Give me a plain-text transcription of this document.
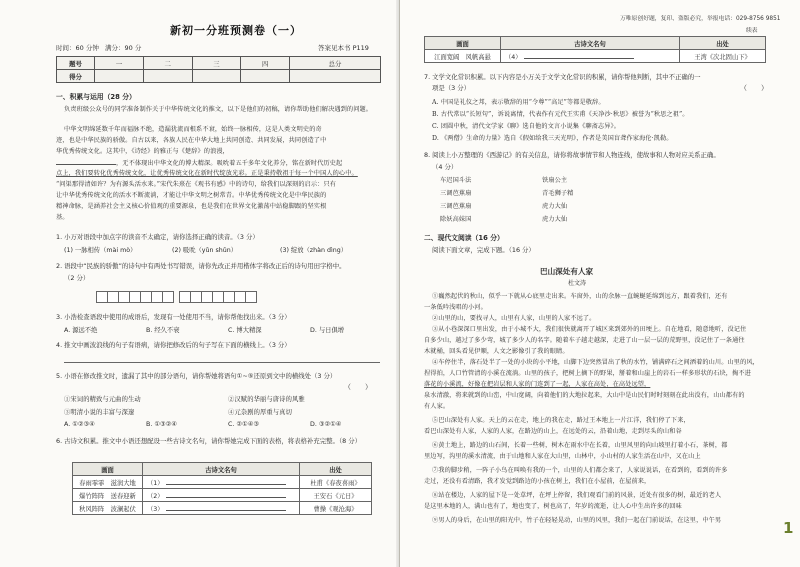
新初一分班预测卷（一）
时间：60 分钟 满分：90 分	答案见本书 P119
题号	一	二	三	四	总分
得分					
一、积累与运用（28 分）
负责班级公众号的同学准备制作关于中华传统文化的推文，以下是他们的初稿，请你帮助他们解决遇到的问题。
中华文明绵延数千年而福脉不绝，造漏犹流而根系不衰，始终一脉相传，这是人类文明史的奇
迹，也是中华民族的骄傲。自古以来，各族人民在中华大地上共同创造、共同发展，共同创造了中
华优秀传统文化。这其中，《诗经》的雅正与《楚辞》的浪漫，
，无不体现出中华文化的博大精深。吸吮着五千多年文化养分，铭在新时代历史起
点上，我们要转化优秀传统文化，让优秀传统文化在新时代绽放光彩。正是秉持敬祖于每一个中国人的心中。
“问渠那得清如许？为有源头活水来。”宋代朱熹在《观书有感》中的诗句，给我们以深刻的启示：只有
让中华优秀传统文化的活水不断流淌，才能让中华文明之树常青。中华优秀传统文化是中华民族的
精神命脉，是涵养社会主义核心价值观的重要源泉，也是我们在世界文化激荡中站稳脚跟的坚实根
基。
1. 小万对语段中加点字的读音不太确定，请你选择正确的读音。（3 分）
(1) 一脉相传（mài mò）	(2) 吸吮（yǔn shǔn）	(3) 绽放（zhàn dìng）
2. 语段中“民族的骄傲”的诗句中有两处书写错误，请你先改正并用楷体字将改正后的诗句用田字格中。
（2 分）
3. 小浩检查语段中使用的成语后，发现有一处使用不当，请你帮他找出来。（3 分）
A. 源远不绝	B. 经久不衰	C. 博大精深	D. 与日俱增
4. 推文中画波浪线的句子有语病，请你把修改后的句子写在下面的横线上。（3 分）
5. 小语在修改推文时，遗漏了其中的部分语句，请你帮她将语句①~⑤还原到文中的横线处（3 分）
（　　）
①宋词的精致与元曲的生动	②汉赋的华丽与唐诗的风雅
③明清小说的丰富与深邃	④元杂剧的厚重与真切
A. ①②③④	B. ①③②④	C. ②①④③	D. ③②①④
6. 古诗文积累。推文中小语还想配设一些古诗文名句，请你帮她完成下面的表格，将表格补充完整。（8 分）
画面	古诗文名句	出处
春雨霏霏　滋润大地	（1）	杜甫《春夜喜雨》
爆竹阵阵　送春迎新	（2）	王安石《元日》
秋风阵阵　波澜起伏	（3）	曹操《观沧海》
万唯原创好题，复印、盗版必究，举报电话：029-8756 9851
续表
画面	古诗文名句	出处
江面宽阔　风帆高悬	（4）	王湾《次北固山下》
7. 文学文化常识积累。以下内容是小万关于文学文化常识的积累，请你帮他判断，其中不正确的一
项是（3 分）	（　　）
A. 中国是礼仪之邦，表示敬辞的用“令尊”“高足”等都是敬辞。
B. 古代常以“长短句”，诉说离情，代表作有元代王实甫《天净沙·秋思》被誉为“秋思之祖”。
C. 团圆中秋，清代文学家《聊》选自他的文言小说集《聊斋志异》。
D. 《两僧》生命的力量》选自《假如给我三天光明》，作者是美国盲聋作家海伦·凯勒。
8. 阅读上小万整理的《西游记》的有关信息，请你将故事情节和人物连线，使故事和人物对应关系正确。
（4 分）
车迟国斗法	铁扇公主
三调芭蕉扇	青毛狮子精
三调芭蕉扇	虎力大仙
除妖高妹国	虎力大仙
二、现代文阅读（16 分）
阅读下面文章，完成下题。（16 分）
巴山深处有人家
杜文涛
①巍然起伏的秋山，似乎一下就从心底里走出来。车窗外，山的余脉一直蜿蜒延绵到远方，跟着我们，还有
一条低吟浅唱的小河。
②山里的山，要找寻人，山里有人家，山里的人家不远了。
③从小巷深深口里出发，由于小城不大，我们很快就离开了城区来到郊外的田埂上。自在地看，随意地听，没记住
自多少山，越过了多少弯，城了多少人的名字。随着车子越走越深，走进了山一层一层的荒野里，没记住了一条通往
木就桶，回头看见伊顺，人文之影像引了我的眼睛。
④车停住半，落石处半了一处的小块的小平地，山脚下边突然冒出了秋的水竹，铺满碎石之间洒着的山川。山里的风，
捏得拍，人口竹管清的小溪在流淌。山里的孩子，把树上摘下的野果，掰着和山崖上的岩石一样多形状的石块，掏不进
落花的小溪流，好像在把岩层和人家的门连到了一起，人家在高处，在高处远望，
泉水清澈，将来就到的山峦，中山宽阔，向着他们的大地拉起来，大山中是山民们时时刻刻在此出没有，山山都有的
有人家。
⑤巴山深处有人家。天上的云在走，地上的我在走，路过王本地上一片江洋，我们停了下来，
看巴山深处有人家，人家的人家，在路边的山上，在远处的云，沿着山地，走到尽头的山和谷
⑥黄土地上，路边的山石间，长着一些树，树木在雨水中在长着，山里风里的向山坡里打着小石，茶树，都
里边写，沟里的溪水清流，由于山地和人家在大山里，山林中，小山村的人家生活在山中，又在山上
⑦我的脚步稍，一阵子小鸟在叫唤有我的一个，山里的人们都会来了，人家说说话，在看到的，看到的许多
走过，还没有看清路，我才发觉到路边的小孩在树上，我们在小屋前，在屋前来，
⑧站在楼边，人家的屋下是一处草坪，在坪上停留，我们观看门前的风景，近处有很多的树，最近的老人
是这里本地的人，满山也有了，地也变了，树也高了，年岁的流逝，让人心中生出许多的回味
⑨男人的身后，在山里的阳光中，竹子在轻轻晃动，山里的风里，我们一起在门前说话，在这里，中午男	1
